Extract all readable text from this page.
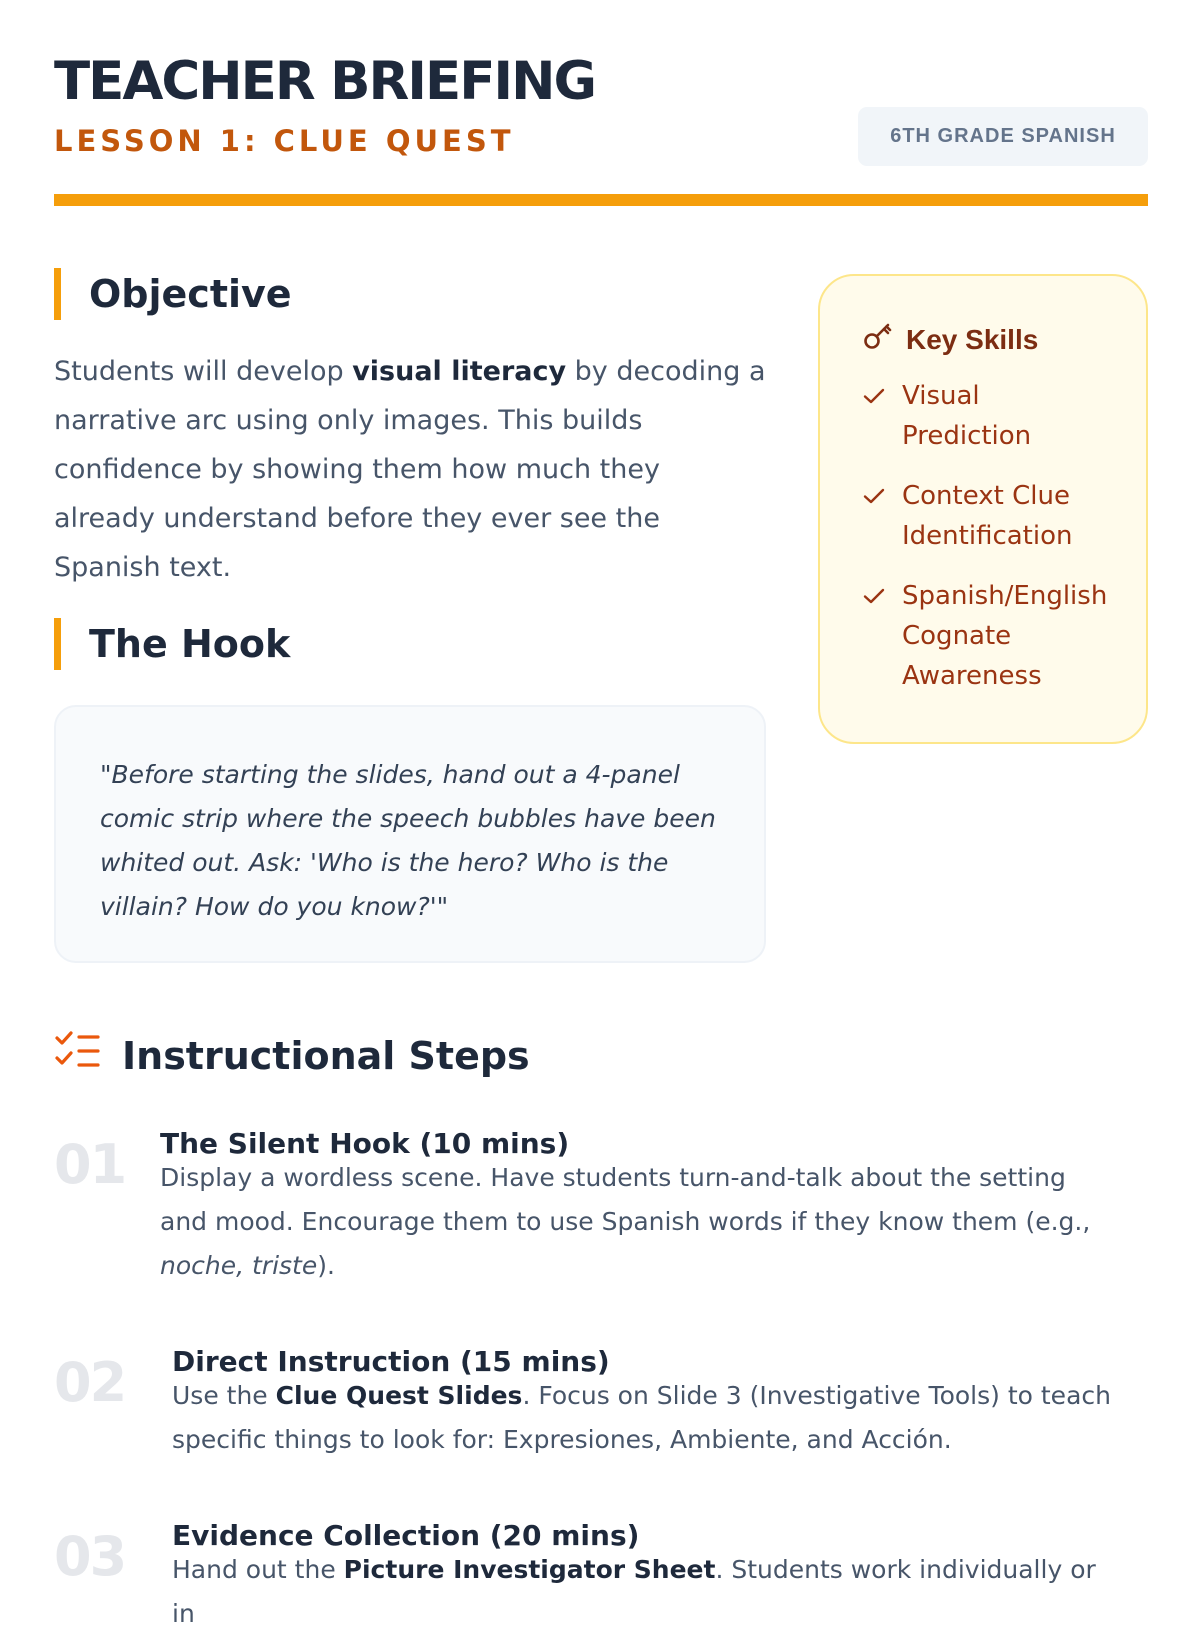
TEACHER BRIEFING
LESSON 1: CLUE QUEST	6TH GRADE SPANISH
Objective

Students will develop visual literacy by decoding a narrative arc using only images. This builds confidence by showing them how much they already understand before they ever see the Spanish text.

The Hook

"Before starting the slides, hand out a 4-panel comic strip where the speech bubbles have been whited out. Ask: 'Who is the hero? Who is the villain? How do you know?'"

Key Skills
Visual Prediction
Context Clue Identification
Spanish/English Cognate Awareness
Instructional Steps
01 The Silent Hook (10 mins)

Display a wordless scene. Have students turn-and-talk about the setting and mood. Encourage them to use Spanish words if they know them (e.g., noche, triste).

02 Direct Instruction (15 mins)

Use the Clue Quest Slides. Focus on Slide 3 (Investigative Tools) to teach specific things to look for: Expresiones, Ambiente, and Acción.

03 Evidence Collection (20 mins)

Hand out the Picture Investigator Sheet. Students work individually or in
